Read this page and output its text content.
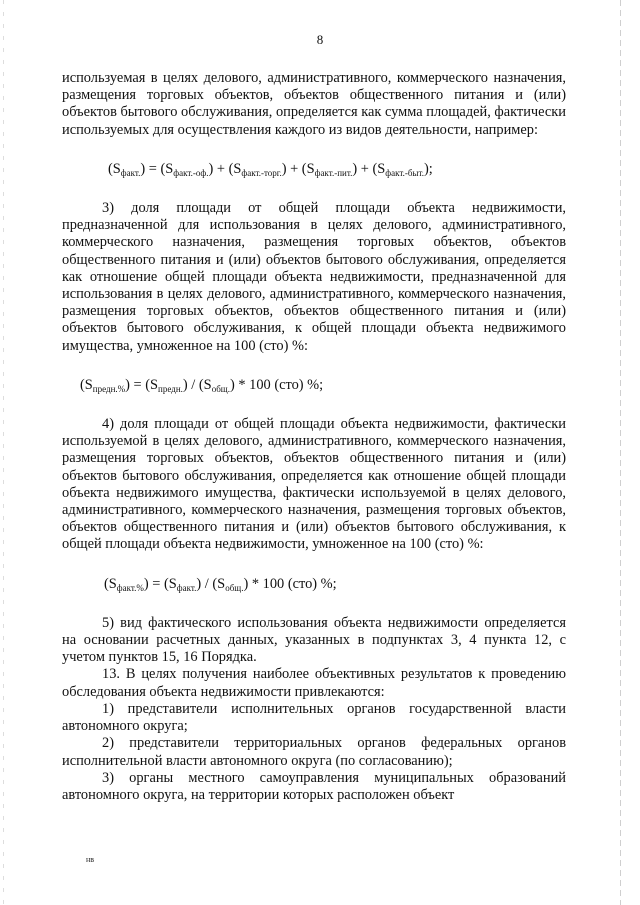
8

используемая в целях делового, административного, коммерческого назначения, размещения торговых объектов, объектов общественного питания и (или) объектов бытового обслуживания, определяется как сумма площадей, фактически используемых для осуществления каждого из видов деятельности, например:

$(S_{факт.}) = (S_{факт.-оф.}) + (S_{факт.-торг.}) + (S_{факт.-пит.}) + (S_{факт.-быт.})$;

3) доля площади от общей площади объекта недвижимости, предназначенной для использования в целях делового, административного, коммерческого назначения, размещения торговых объектов, объектов общественного питания и (или) объектов бытового обслуживания, определяется как отношение общей площади объекта недвижимости, предназначенной для использования в целях делового, административного, коммерческого назначения, размещения торговых объектов, объектов общественного питания и (или) объектов бытового обслуживания, к общей площади объекта недвижимого имущества, умноженное на 100 (сто) %:

$(S_{предн.\%}) = (S_{предн.}) / (S_{общ.}) * 100$ (сто) %;

4) доля площади от общей площади объекта недвижимости, фактически используемой в целях делового, административного, коммерческого назначения, размещения торговых объектов, объектов общественного питания и (или) объектов бытового обслуживания, определяется как отношение общей площади объекта недвижимого имущества, фактически используемой в целях делового, административного, коммерческого назначения, размещения торговых объектов, объектов общественного питания и (или) объектов бытового обслуживания, к общей площади объекта недвижимости, умноженное на 100 (сто) %:

$(S_{факт.\%}) = (S_{факт.}) / (S_{общ.}) * 100$ (сто) %;

5) вид фактического использования объекта недвижимости определяется на основании расчетных данных, указанных в подпунктах 3, 4 пункта 12, с учетом пунктов 15, 16 Порядка.

13. В целях получения наиболее объективных результатов к проведению обследования объекта недвижимости привлекаются:

1) представители исполнительных органов государственной власти автономного округа;

2) представители территориальных органов федеральных органов исполнительной власти автономного округа (по согласованию);

3) органы местного самоуправления муниципальных образований автономного округа, на территории которых расположен объект

нв
